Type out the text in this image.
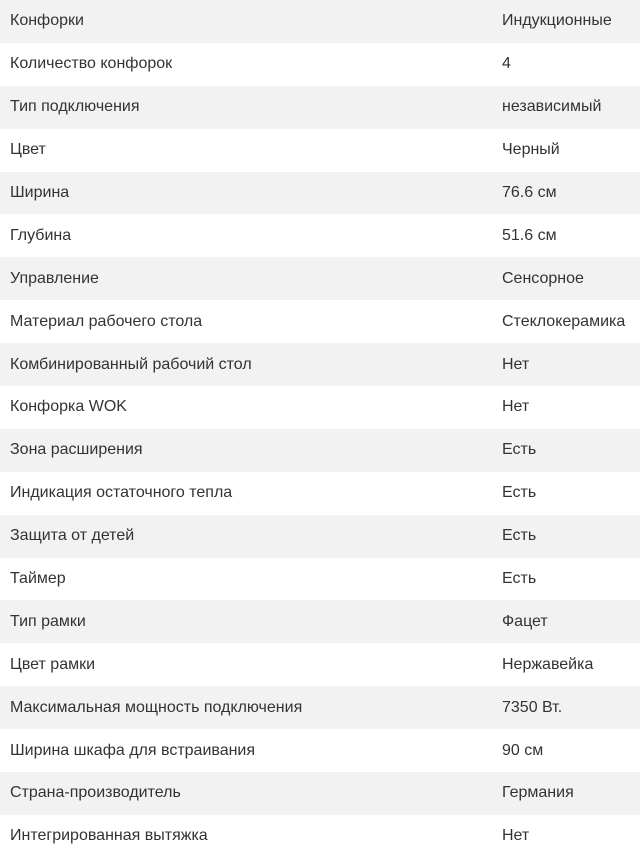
Конфорки	Индукционные
Количество конфорок	4
Тип подключения	независимый
Цвет	Черный
Ширина	76.6 см
Глубина	51.6 см
Управление	Сенсорное
Материал рабочего стола	Стеклокерамика
Комбинированный рабочий стол	Нет
Конфорка WOK	Нет
Зона расширения	Есть
Индикация остаточного тепла	Есть
Защита от детей	Есть
Таймер	Есть
Тип рамки	Фацет
Цвет рамки	Нержавейка
Максимальная мощность подключения	7350 Вт.
Ширина шкафа для встраивания	90 см
Страна-производитель	Германия
Интегрированная вытяжка	Нет
